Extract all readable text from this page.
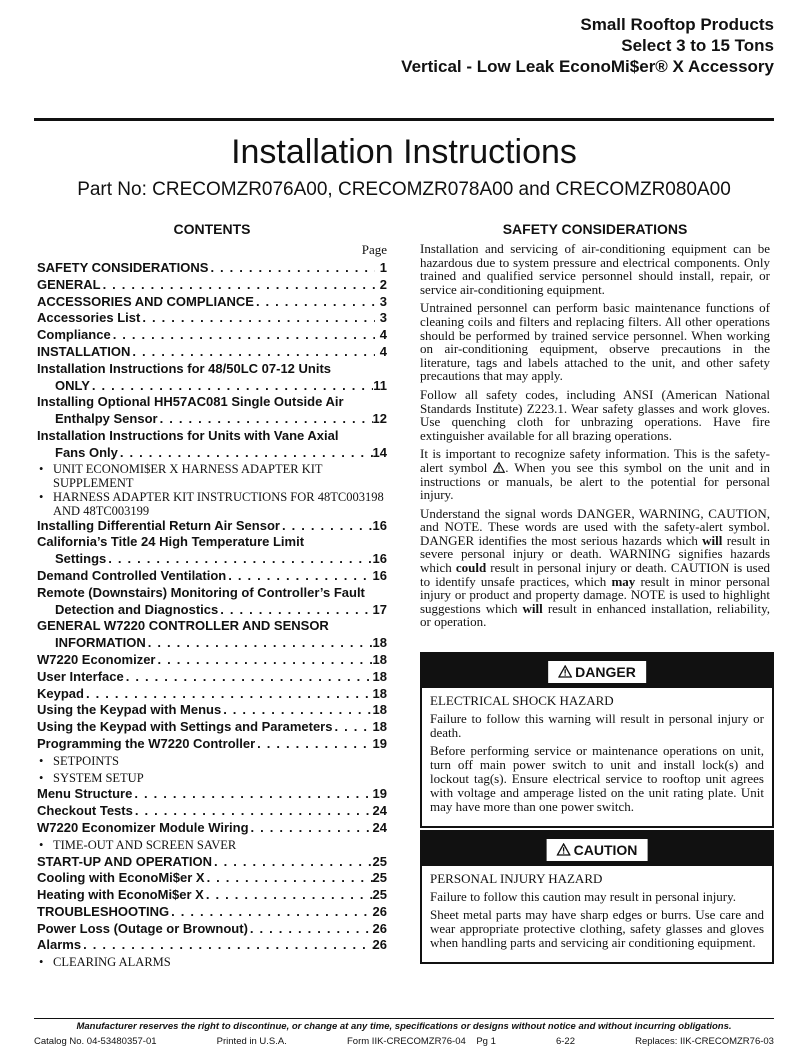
Small Rooftop Products
Select 3 to 15 Tons
Vertical - Low Leak EconoMi$er® X Accessory
Installation Instructions
Part No: CRECOMZR076A00, CRECOMZR078A00 and CRECOMZR080A00
CONTENTS	SAFETY CONSIDERATIONS
Page
SAFETY CONSIDERATIONS . . .	1
GENERAL . . .	2
ACCESSORIES AND COMPLIANCE . . .	3
Accessories List . . .	3
Compliance . . .	4
INSTALLATION . . .	4
Installation Instructions for 48/50LC 07-12 Units
ONLY . . .	11
Installing Optional HH57AC081 Single Outside Air
Enthalpy Sensor . . .	12
Installation Instructions for Units with Vane Axial
Fans Only . . .	14
• UNIT ECONOMI$ER X HARNESS ADAPTER KIT SUPPLEMENT
• HARNESS ADAPTER KIT INSTRUCTIONS FOR 48TC003198 AND 48TC003199
Installing Differential Return Air Sensor . . .	16
California’s Title 24 High Temperature Limit
Settings . . .	16
Demand Controlled Ventilation . . .	16
Remote (Downstairs) Monitoring of Controller’s Fault
Detection and Diagnostics . . .	17
GENERAL W7220 CONTROLLER AND SENSOR
INFORMATION . . .	18
W7220 Economizer . . .	18
User Interface . . .	18
Keypad . . .	18
Using the Keypad with Menus . . .	18
Using the Keypad with Settings and Parameters . . .	18
Programming the W7220 Controller . . .	19
• SETPOINTS
• SYSTEM SETUP
Menu Structure . . .	19
Checkout Tests . . .	24
W7220 Economizer Module Wiring . . .	24
• TIME-OUT AND SCREEN SAVER
START-UP AND OPERATION . . .	25
Cooling with EconoMi$er X . . .	25
Heating with EconoMi$er X . . .	25
TROUBLESHOOTING . . .	26
Power Loss (Outage or Brownout) . . .	26
Alarms . . .	26
• CLEARING ALARMS

Installation and servicing of air-conditioning equipment can be hazardous due to system pressure and electrical components. Only trained and qualified service personnel should install, repair, or service air-conditioning equipment.

Untrained personnel can perform basic maintenance functions of cleaning coils and filters and replacing filters. All other operations should be performed by trained service personnel. When working on air-conditioning equipment, observe precautions in the literature, tags and labels attached to the unit, and other safety precautions that may apply.

Follow all safety codes, including ANSI (American National Standards Institute) Z223.1. Wear safety glasses and work gloves. Use quenching cloth for unbrazing operations. Have fire extinguisher available for all brazing operations.

It is important to recognize safety information. This is the safety-alert symbol . When you see this symbol on the unit and in instructions or manuals, be alert to the potential for personal injury.

Understand the signal words DANGER, WARNING, CAUTION, and NOTE. These words are used with the safety-alert symbol. DANGER identifies the most serious hazards which will result in severe personal injury or death. WARNING signifies hazards which could result in personal injury or death. CAUTION is used to identify unsafe practices, which may result in minor personal injury or product and property damage. NOTE is used to highlight suggestions which will result in enhanced installation, reliability, or operation.

DANGER
ELECTRICAL SHOCK HAZARD

Failure to follow this warning will result in personal injury or death.

Before performing service or maintenance operations on unit, turn off main power switch to unit and install lock(s) and lockout tag(s). Ensure electrical service to rooftop unit agrees with voltage and amperage listed on the unit rating plate. Unit may have more than one power switch.

CAUTION
PERSONAL INJURY HAZARD

Failure to follow this caution may result in personal injury.

Sheet metal parts may have sharp edges or burrs. Use care and wear appropriate protective clothing, safety glasses and gloves when handling parts and servicing air conditioning equipment.

Manufacturer reserves the right to discontinue, or change at any time, specifications or designs without notice and without incurring obligations.
Catalog No. 04-53480357-01	Printed in U.S.A.	Form IIK-CRECOMZR76-04 Pg 1	6-22	Replaces: IIK-CRECOMZR76-03
